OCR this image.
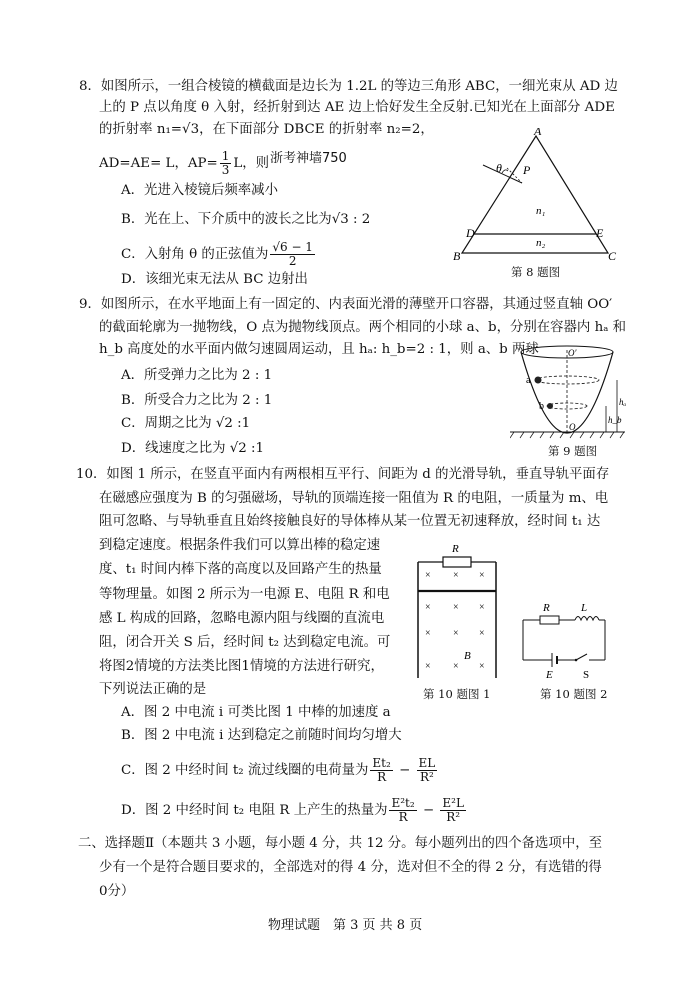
8．如图所示，一组合棱镜的横截面是边长为 1.2L 的等边三角形 ABC，一细光束从 AD 边
上的 P 点以角度 θ 入射，经折射到达 AE 边上恰好发生全反射.已知光在上面部分 ADE
的折射率 n₁=√3，在下面部分 DBCE 的折射率 n₂=2，
AD=AE= L，$AP= \frac{1}{3}$ L，则 浙考神墙750
A．光进入棱镜后频率减小
B．光在上、下介质中的波长之比为√3 : 2
C．入射角 θ 的正弦值为 $\frac{√6 - 1}{2}$
D．该细光束无法从 BC 边射出
A
θ P
n₁
n₂
D	E
B	C
第 8 题图
9．如图所示，在水平地面上有一固定的、内表面光滑的薄壁开口容器，其通过竖直轴 OO′
的截面轮廓为一抛物线，O 点为抛物线顶点。两个相同的小球 a、b，分别在容器内 hₐ 和
h_b 高度处的水平面内做匀速圆周运动，且 hₐ: h_b=2 : 1，则 a、b 两球
A．所受弹力之比为 2 : 1
B．所受合力之比为 2 : 1
C．周期之比为 √2 :1
D．线速度之比为 √2 :1
O′
O
a
b	hₐ
h_b
第 9 题图
10．如图 1 所示，在竖直平面内有两根相互平行、间距为 d 的光滑导轨，垂直导轨平面存
在磁感应强度为 B 的匀强磁场，导轨的顶端连接一阻值为 R 的电阻，一质量为 m、电
阻可忽略、与导轨垂直且始终接触良好的导体棒从某一位置无初速释放，经时间 t₁ 达
到稳定速度。根据条件我们可以算出棒的稳定速
度、t₁ 时间内棒下落的高度以及回路产生的热量
等物理量。如图 2 所示为一电源 E、电阻 R 和电
感 L 构成的回路，忽略电源内阻与线圈的直流电
阻，闭合开关 S 后，经时间 t₂ 达到稳定电流。可
将图2情境的方法类比图1情境的方法进行研究，
下列说法正确的是
A．图 2 中电流 i 可类比图 1 中棒的加速度 a
B．图 2 中电流 i 达到稳定之前随时间均匀增大
C．图 2 中经时间 t₂ 流过线圈的电荷量为 $\frac{\text{Et₂}}{R} - \frac{EL}{\text{R²}}$
D．图 2 中经时间 t₂ 电阻 R 上产生的热量为 $\frac{\text{E²t₂}}{R} - \frac{\text{E²L}}{\text{R²}}$
× × ×
× × ×
× × ×
× × ×
R
B
第 10 题图 1
R	L
E	S
第 10 题图 2
二、选择题Ⅱ（本题共 3 小题，每小题 4 分，共 12 分。每小题列出的四个备选项中，至
少有一个是符合题目要求的，全部选对的得 4 分，选对但不全的得 2 分，有选错的得
0分）
物理试题　第 3 页 共 8 页
